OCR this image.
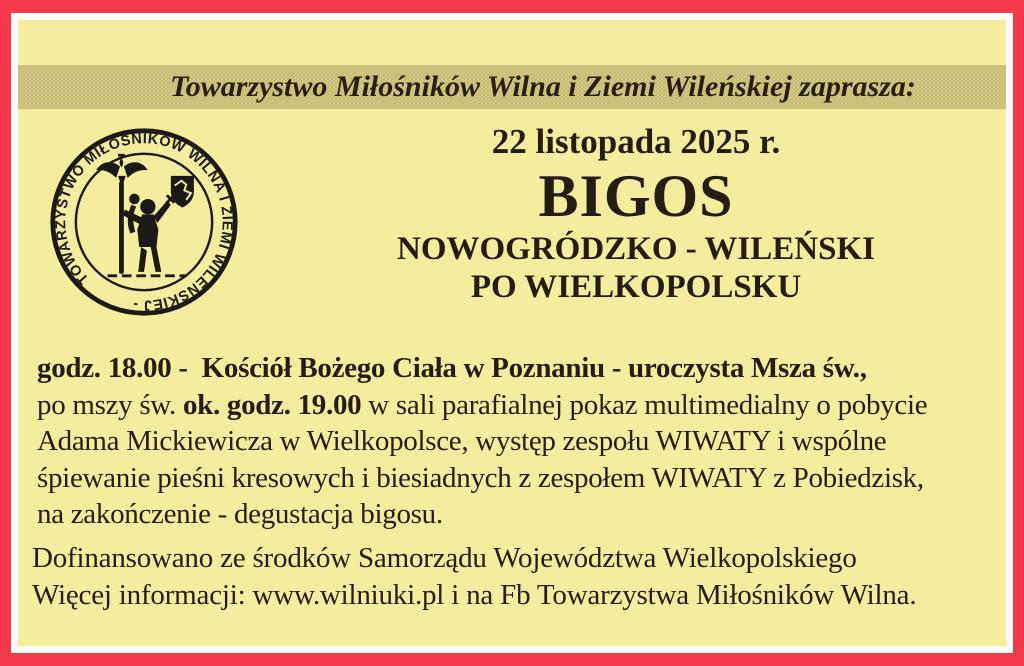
Towarzystwo Miłośników Wilna i Ziemi Wileńskiej zaprasza:
TOWARZYSTWO MIŁOŚNIKÓW WILNA I ZIEMI WILEŃSKIEJ -
22 listopada 2025 r.
BIGOS
NOWOGRÓDZKO - WILEŃSKI
PO WIELKOPOLSKU
godz. 18.00 -  Kościół Bożego Ciała w Poznaniu - uroczysta Msza św.,
po mszy św. ok. godz. 19.00 w sali parafialnej pokaz multimedialny o pobycie
Adama Mickiewicza w Wielkopolsce, występ zespołu WIWATY i wspólne
śpiewanie pieśni kresowych i biesiadnych z zespołem WIWATY z Pobiedzisk,
na zakończenie - degustacja bigosu.
Dofinansowano ze środków Samorządu Województwa Wielkopolskiego
Więcej informacji: www.wilniuki.pl i na Fb Towarzystwa Miłośników Wilna.
